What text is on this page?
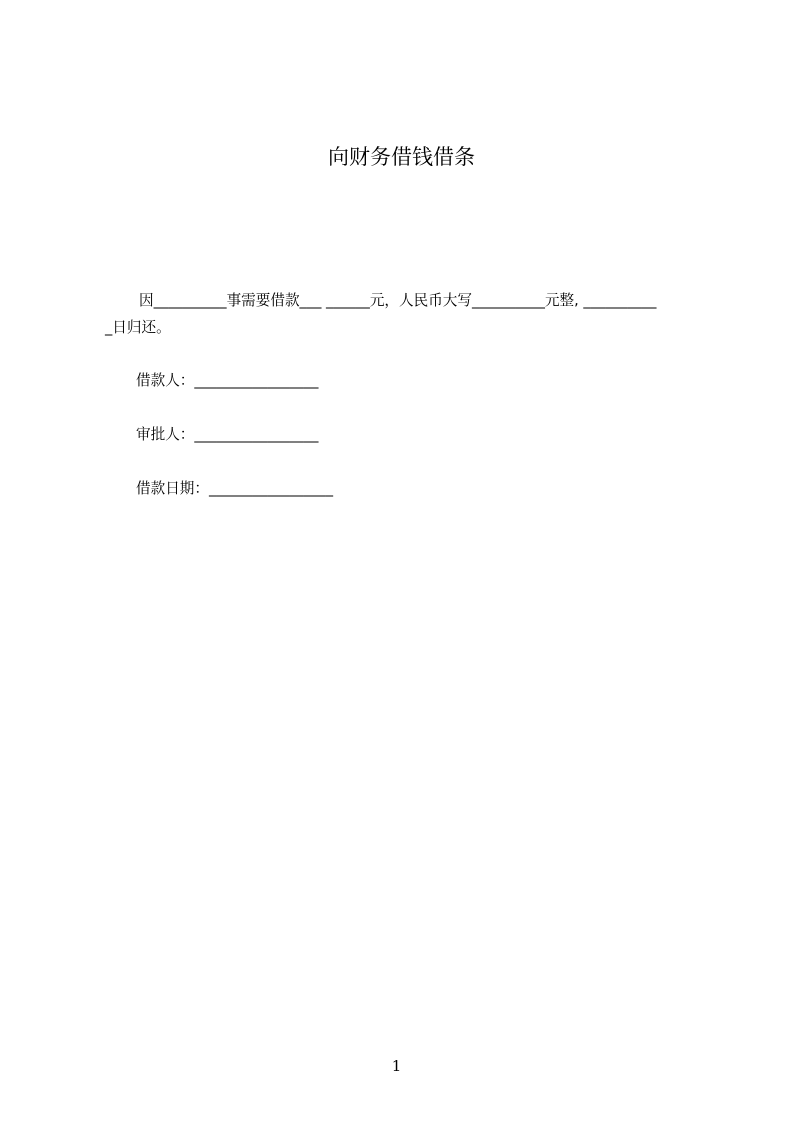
向财务借钱借条

因__________事需要借款___ ______元，人民币大写__________元整, __________

_日归还。

借款人：_________________

审批人：_________________

借款日期：_________________

1
